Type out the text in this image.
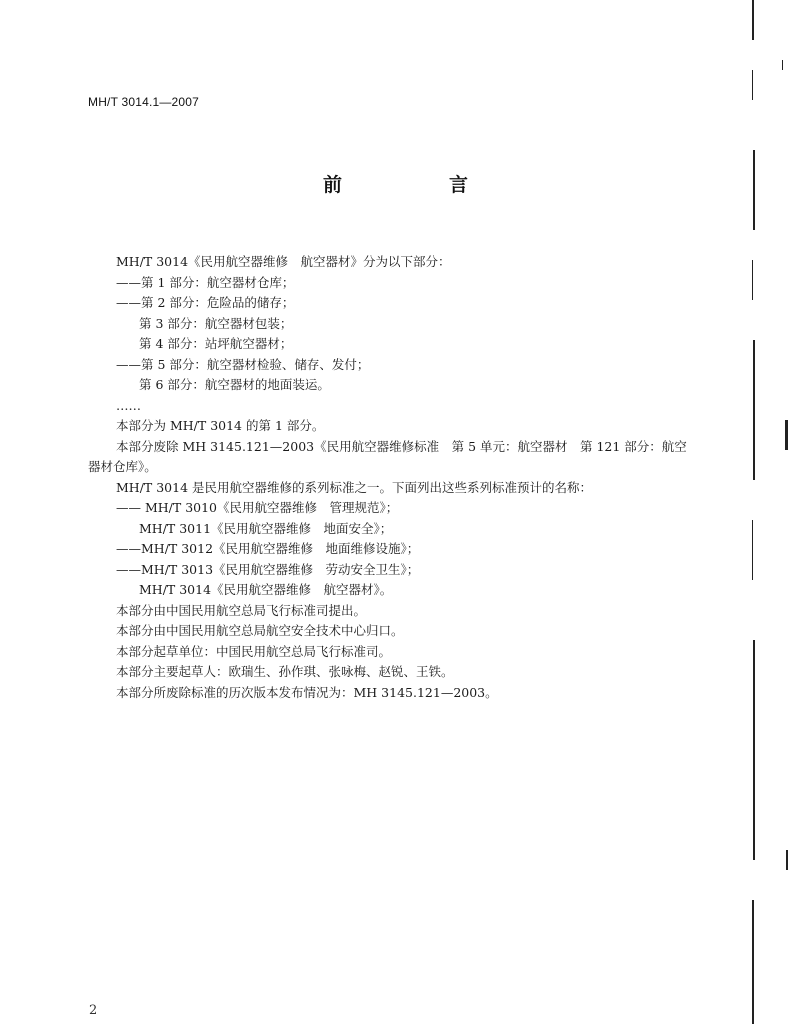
MH/T 3014.1—2007
前　言
MH/T 3014《民用航空器维修　航空器材》分为以下部分：
——第 1 部分：航空器材仓库；
——第 2 部分：危险品的储存；
第 3 部分：航空器材包装；
第 4 部分：站坪航空器材；
——第 5 部分：航空器材检验、储存、发付；
第 6 部分：航空器材的地面装运。
……
本部分为 MH/T 3014 的第 1 部分。
本部分废除 MH 3145.121—2003《民用航空器维修标准　第 5 单元：航空器材　第 121 部分：航空
器材仓库》。
MH/T 3014 是民用航空器维修的系列标准之一。下面列出这些系列标准预计的名称：
—— MH/T 3010《民用航空器维修　管理规范》；
MH/T 3011《民用航空器维修　地面安全》；
——MH/T 3012《民用航空器维修　地面维修设施》；
——MH/T 3013《民用航空器维修　劳动安全卫生》；
MH/T 3014《民用航空器维修　航空器材》。
本部分由中国民用航空总局飞行标准司提出。
本部分由中国民用航空总局航空安全技术中心归口。
本部分起草单位：中国民用航空总局飞行标准司。
本部分主要起草人：欧瑞生、孙作琪、张咏梅、赵锐、王铁。
本部分所废除标准的历次版本发布情况为：MH 3145.121—2003。
2
